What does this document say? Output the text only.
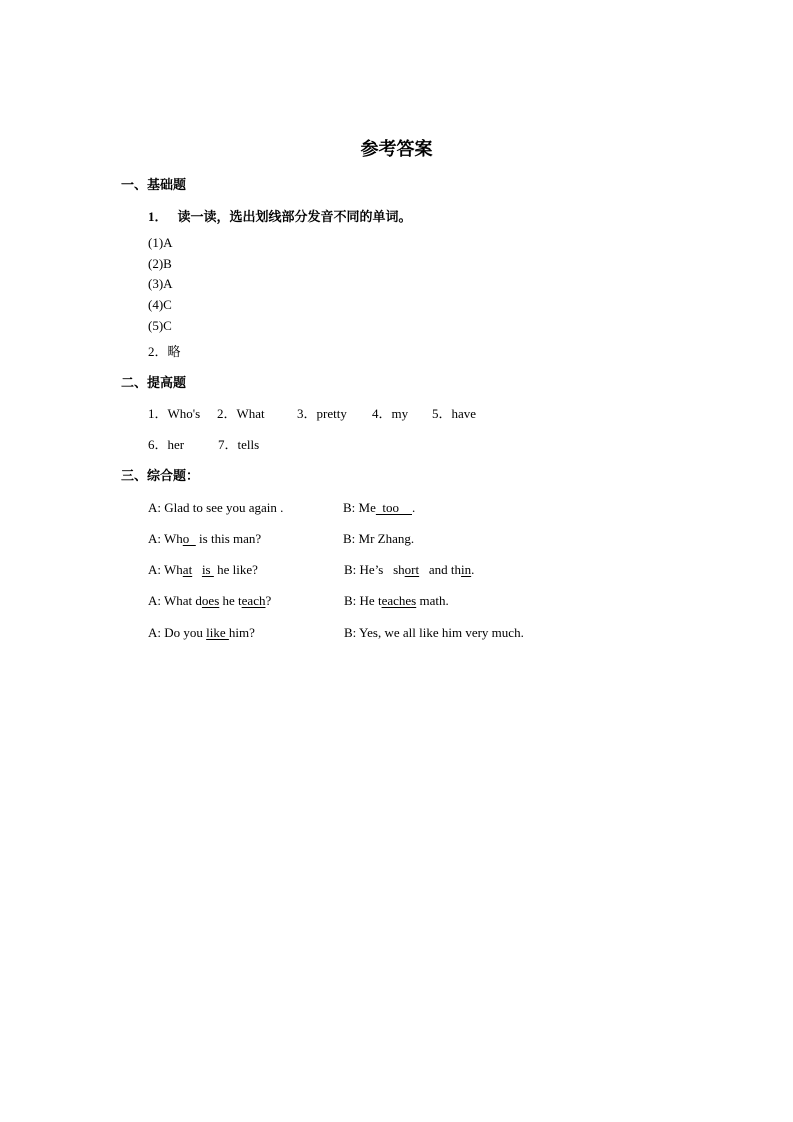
参考答案
一、基础题
1． 读一读，选出划线部分发音不同的单词。
(1)A
(2)B
(3)A
(4)C
(5)C
2．略
二、提高题
1．Who's 2．What 3．pretty 4．my 5．have
6．her	7．tells
三、综合题：
A: Glad to see you again .	B: Me  too    .
A: Who   is this man?	B: Mr Zhang.
A: What is  he like?	B: He’s   short   and thin.
A: What does he teach?	B: He teaches math.
A: Do you like him?	B: Yes, we all like him very much.
